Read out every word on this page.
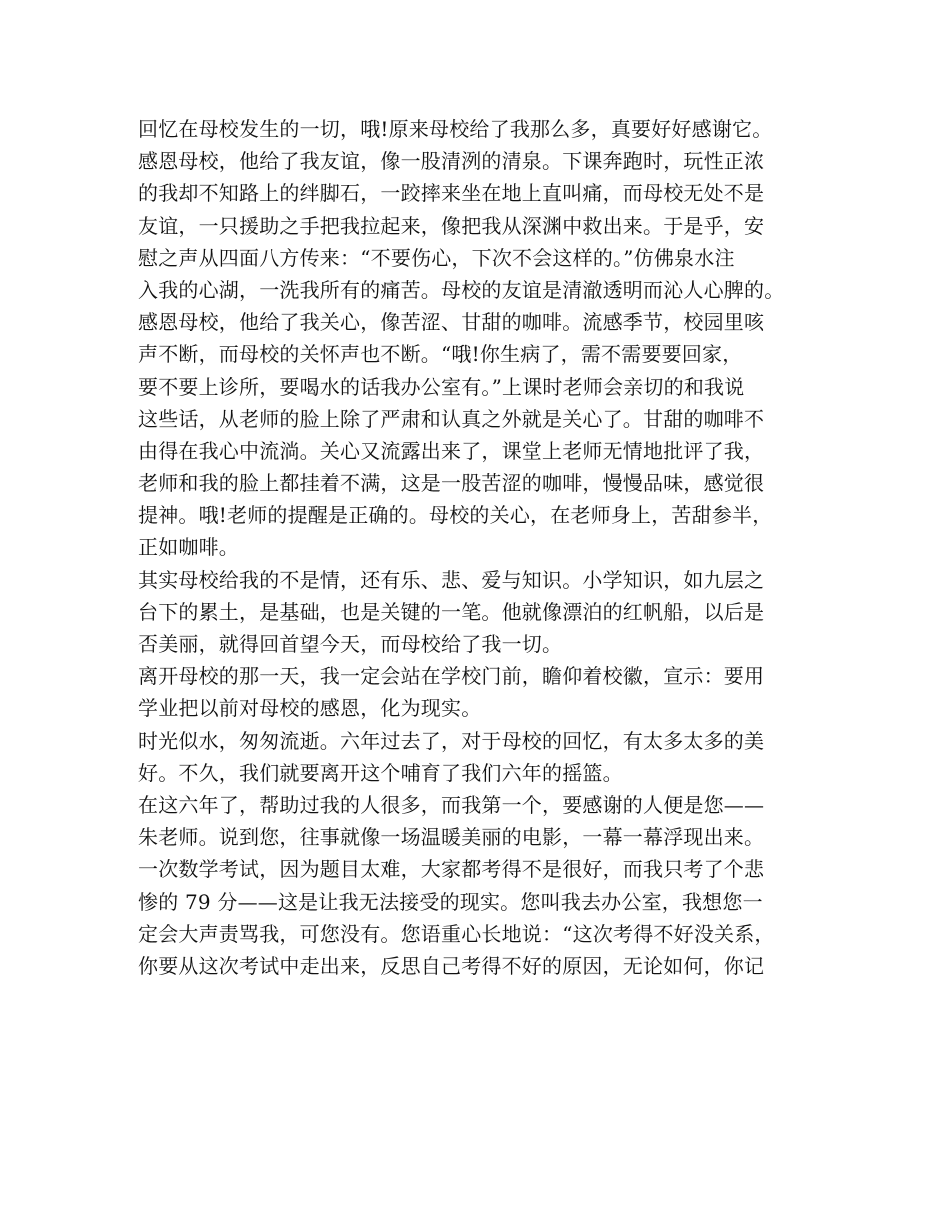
回忆在母校发生的一切，哦!原来母校给了我那么多，真要好好感谢它。
感恩母校，他给了我友谊，像一股清洌的清泉。下课奔跑时，玩性正浓
的我却不知路上的绊脚石，一跤摔来坐在地上直叫痛，而母校无处不是
友谊，一只援助之手把我拉起来，像把我从深渊中救出来。于是乎，安
慰之声从四面八方传来：“不要伤心，下次不会这样的。”仿佛泉水注
入我的心湖，一洗我所有的痛苦。母校的友谊是清澈透明而沁人心脾的。
感恩母校，他给了我关心，像苦涩、甘甜的咖啡。流感季节，校园里咳
声不断，而母校的关怀声也不断。“哦!你生病了，需不需要要回家，
要不要上诊所，要喝水的话我办公室有。”上课时老师会亲切的和我说
这些话，从老师的脸上除了严肃和认真之外就是关心了。甘甜的咖啡不
由得在我心中流淌。关心又流露出来了，课堂上老师无情地批评了我，
老师和我的脸上都挂着不满，这是一股苦涩的咖啡，慢慢品味，感觉很
提神。哦!老师的提醒是正确的。母校的关心，在老师身上，苦甜参半，
正如咖啡。
其实母校给我的不是情，还有乐、悲、爱与知识。小学知识，如九层之
台下的累土，是基础，也是关键的一笔。他就像漂泊的红帆船，以后是
否美丽，就得回首望今天，而母校给了我一切。
离开母校的那一天，我一定会站在学校门前，瞻仰着校徽，宣示：要用
学业把以前对母校的感恩，化为现实。
时光似水，匆匆流逝。六年过去了，对于母校的回忆，有太多太多的美
好。不久，我们就要离开这个哺育了我们六年的摇篮。
在这六年了，帮助过我的人很多，而我第一个，要感谢的人便是您——
朱老师。说到您，往事就像一场温暖美丽的电影，一幕一幕浮现出来。
一次数学考试，因为题目太难，大家都考得不是很好，而我只考了个悲
惨的 79 分——这是让我无法接受的现实。您叫我去办公室，我想您一
定会大声责骂我，可您没有。您语重心长地说：“这次考得不好没关系，
你要从这次考试中走出来，反思自己考得不好的原因，无论如何，你记
